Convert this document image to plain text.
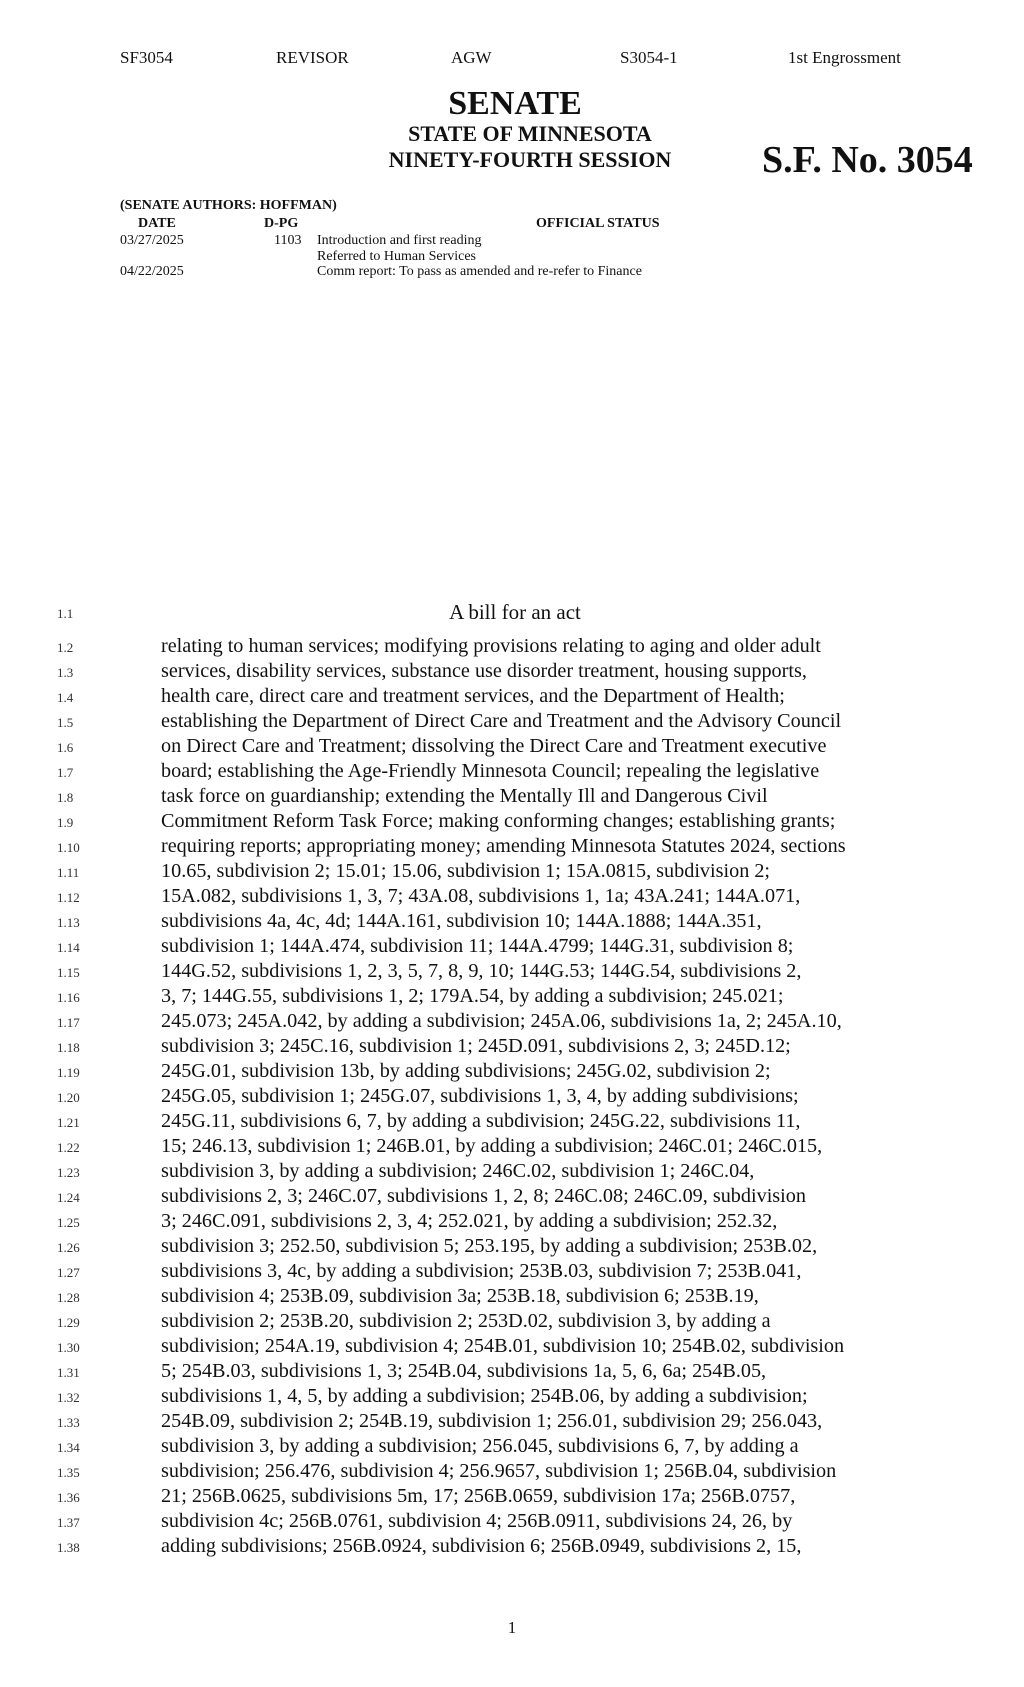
SF3054	REVISOR	AGW	S3054-1	1st Engrossment
SENATE
STATE OF MINNESOTA
NINETY-FOURTH SESSION	S.F. No. 3054
(SENATE AUTHORS: HOFFMAN)
DATE	D-PG	OFFICIAL STATUS
03/27/2025	1103 Introduction and first reading
Referred to Human Services
04/22/2025	Comm report: To pass as amended and re-refer to Finance
1.1	A bill for an act
1.2	relating to human services; modifying provisions relating to aging and older adult
1.3	services, disability services, substance use disorder treatment, housing supports,
1.4	health care, direct care and treatment services, and the Department of Health;
1.5	establishing the Department of Direct Care and Treatment and the Advisory Council
1.6	on Direct Care and Treatment; dissolving the Direct Care and Treatment executive
1.7	board; establishing the Age-Friendly Minnesota Council; repealing the legislative
1.8	task force on guardianship; extending the Mentally Ill and Dangerous Civil
1.9	Commitment Reform Task Force; making conforming changes; establishing grants;
1.10	requiring reports; appropriating money; amending Minnesota Statutes 2024, sections
1.11	10.65, subdivision 2; 15.01; 15.06, subdivision 1; 15A.0815, subdivision 2;
1.12	15A.082, subdivisions 1, 3, 7; 43A.08, subdivisions 1, 1a; 43A.241; 144A.071,
1.13	subdivisions 4a, 4c, 4d; 144A.161, subdivision 10; 144A.1888; 144A.351,
1.14	subdivision 1; 144A.474, subdivision 11; 144A.4799; 144G.31, subdivision 8;
1.15	144G.52, subdivisions 1, 2, 3, 5, 7, 8, 9, 10; 144G.53; 144G.54, subdivisions 2,
1.16	3, 7; 144G.55, subdivisions 1, 2; 179A.54, by adding a subdivision; 245.021;
1.17	245.073; 245A.042, by adding a subdivision; 245A.06, subdivisions 1a, 2; 245A.10,
1.18	subdivision 3; 245C.16, subdivision 1; 245D.091, subdivisions 2, 3; 245D.12;
1.19	245G.01, subdivision 13b, by adding subdivisions; 245G.02, subdivision 2;
1.20	245G.05, subdivision 1; 245G.07, subdivisions 1, 3, 4, by adding subdivisions;
1.21	245G.11, subdivisions 6, 7, by adding a subdivision; 245G.22, subdivisions 11,
1.22	15; 246.13, subdivision 1; 246B.01, by adding a subdivision; 246C.01; 246C.015,
1.23	subdivision 3, by adding a subdivision; 246C.02, subdivision 1; 246C.04,
1.24	subdivisions 2, 3; 246C.07, subdivisions 1, 2, 8; 246C.08; 246C.09, subdivision
1.25	3; 246C.091, subdivisions 2, 3, 4; 252.021, by adding a subdivision; 252.32,
1.26	subdivision 3; 252.50, subdivision 5; 253.195, by adding a subdivision; 253B.02,
1.27	subdivisions 3, 4c, by adding a subdivision; 253B.03, subdivision 7; 253B.041,
1.28	subdivision 4; 253B.09, subdivision 3a; 253B.18, subdivision 6; 253B.19,
1.29	subdivision 2; 253B.20, subdivision 2; 253D.02, subdivision 3, by adding a
1.30	subdivision; 254A.19, subdivision 4; 254B.01, subdivision 10; 254B.02, subdivision
1.31	5; 254B.03, subdivisions 1, 3; 254B.04, subdivisions 1a, 5, 6, 6a; 254B.05,
1.32	subdivisions 1, 4, 5, by adding a subdivision; 254B.06, by adding a subdivision;
1.33	254B.09, subdivision 2; 254B.19, subdivision 1; 256.01, subdivision 29; 256.043,
1.34	subdivision 3, by adding a subdivision; 256.045, subdivisions 6, 7, by adding a
1.35	subdivision; 256.476, subdivision 4; 256.9657, subdivision 1; 256B.04, subdivision
1.36	21; 256B.0625, subdivisions 5m, 17; 256B.0659, subdivision 17a; 256B.0757,
1.37	subdivision 4c; 256B.0761, subdivision 4; 256B.0911, subdivisions 24, 26, by
1.38	adding subdivisions; 256B.0924, subdivision 6; 256B.0949, subdivisions 2, 15,
1
